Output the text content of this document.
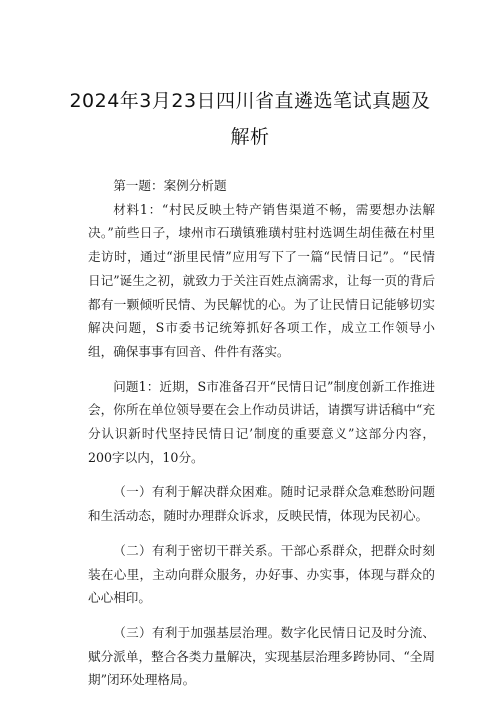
2024年3月23日四川省直遴选笔试真题及
解析

第一题：案例分析题

材料1：“村民反映土特产销售渠道不畅，需要想办法解决。”前些日子，埭州市石璜镇雅璜村驻村选调生胡佳薇在村里走访时，通过“浙里民情”应用写下了一篇“民情日记”。“民情日记”诞生之初，就致力于关注百姓点滴需求，让每一页的背后都有一颗倾听民情、为民解忧的心。为了让民情日记能够切实解决问题，S市委书记统筹抓好各项工作，成立工作领导小组，确保事事有回音、件件有落实。

问题1：近期，S市准备召开“民情日记”制度创新工作推进会，你所在单位领导要在会上作动员讲话，请撰写讲话稿中“充分认识新时代坚持民情日记’制度的重要意义”这部分内容，200字以内，10分。

（一）有利于解决群众困难。随时记录群众急难愁盼问题和生活动态，随时办理群众诉求，反映民情，体现为民初心。

（二）有利于密切干群关系。干部心系群众，把群众时刻装在心里，主动向群众服务，办好事、办实事，体现与群众的心心相印。

（三）有利于加强基层治理。数字化民情日记及时分流、赋分派单，整合各类力量解决，实现基层治理多跨协同、“全周期”闭环处理格局。
